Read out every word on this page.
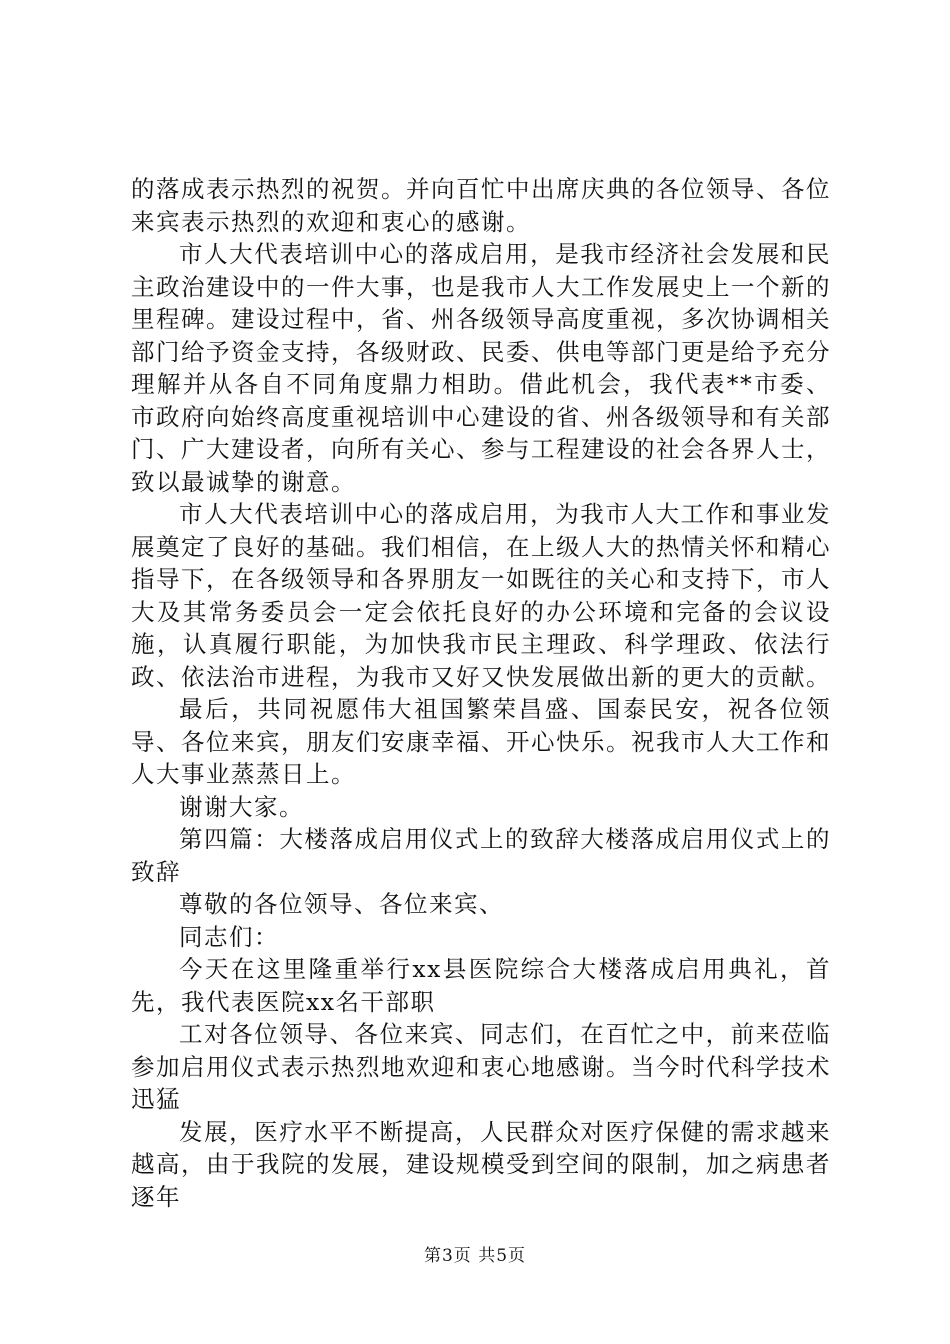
的落成表示热烈的祝贺。并向百忙中出席庆典的各位领导、各位来宾表示热烈的欢迎和衷心的感谢。

市人大代表培训中心的落成启用，是我市经济社会发展和民主政治建设中的一件大事，也是我市人大工作发展史上一个新的里程碑。建设过程中，省、州各级领导高度重视，多次协调相关部门给予资金支持，各级财政、民委、供电等部门更是给予充分理解并从各自不同角度鼎力相助。借此机会，我代表**市委、市政府向始终高度重视培训中心建设的省、州各级领导和有关部门、广大建设者，向所有关心、参与工程建设的社会各界人士，致以最诚挚的谢意。

市人大代表培训中心的落成启用，为我市人大工作和事业发展奠定了良好的基础。我们相信，在上级人大的热情关怀和精心指导下，在各级领导和各界朋友一如既往的关心和支持下，市人大及其常务委员会一定会依托良好的办公环境和完备的会议设施，认真履行职能，为加快我市民主理政、科学理政、依法行政、依法治市进程，为我市又好又快发展做出新的更大的贡献。

最后，共同祝愿伟大祖国繁荣昌盛、国泰民安，祝各位领导、各位来宾，朋友们安康幸福、开心快乐。祝我市人大工作和人大事业蒸蒸日上。

谢谢大家。

第四篇：大楼落成启用仪式上的致辞大楼落成启用仪式上的致辞

尊敬的各位领导、各位来宾、

同志们：

今天在这里隆重举行xx县医院综合大楼落成启用典礼，首先，我代表医院xx名干部职

工对各位领导、各位来宾、同志们，在百忙之中，前来莅临参加启用仪式表示热烈地欢迎和衷心地感谢。当今时代科学技术迅猛

发展，医疗水平不断提高，人民群众对医疗保健的需求越来越高，由于我院的发展，建设规模受到空间的限制，加之病患者逐年

第3页 共5页
